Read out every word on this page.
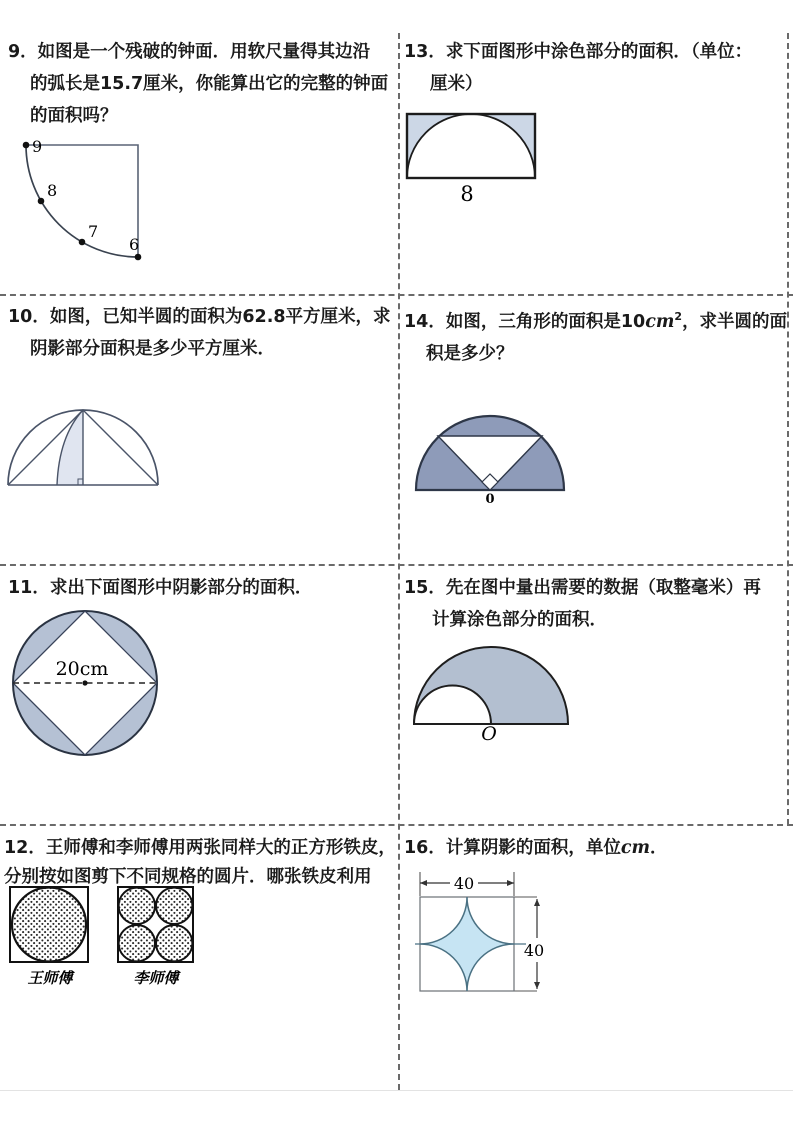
9．如图是一个残破的钟面．用软尺量得其边沿
的弧长是15.7厘米，你能算出它的完整的钟面
的面积吗？
9
8
7
6
13．求下面图形中涂色部分的面积．（单位：
厘米）
8
10．如图，已知半圆的面积为62.8平方厘米，求
阴影部分面积是多少平方厘米．
14．如图，三角形的面积是$10cm^2$，求半圆的面
积是多少？
0
11．求出下面图形中阴影部分的面积．
20cm
15．先在图中量出需要的数据（取整毫米）再
计算涂色部分的面积．
O
12．王师傅和李师傅用两张同样大的正方形铁皮，
分别按如图剪下不同规格的圆片．哪张铁皮利用
王师傅	李师傅
16．计算阴影的面积，单位cm．
40
40
